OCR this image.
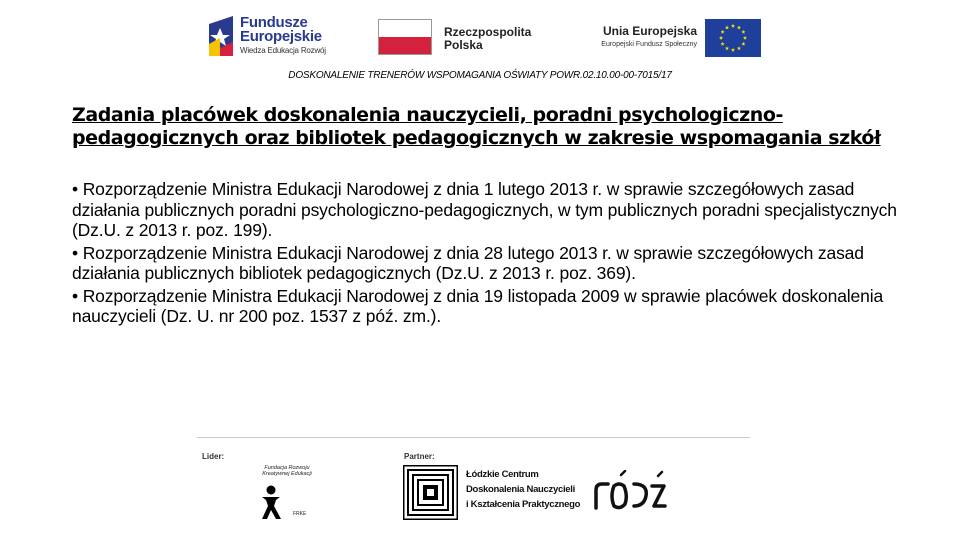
Fundusze
Europejskie
Wiedza Edukacja Rozwój
Rzeczpospolita
Polska
Unia Europejska
Europejski Fundusz Społeczny
DOSKONALENIE TRENERÓW WSPOMAGANIA OŚWIATY POWR.02.10.00-00-7015/17
Zadania placówek doskonalenia nauczycieli, poradni psychologiczno-pedagogicznych oraz bibliotek pedagogicznych w zakresie wspomagania szkół

• Rozporządzenie Ministra Edukacji Narodowej z dnia 1 lutego 2013 r. w sprawie szczegółowych zasad działania publicznych poradni psychologiczno-pedagogicznych, w tym publicznych poradni specjalistycznych (Dz.U. z 2013 r. poz. 199).

• Rozporządzenie Ministra Edukacji Narodowej z dnia 28 lutego 2013 r. w sprawie szczegółowych zasad działania publicznych bibliotek pedagogicznych (Dz.U. z 2013 r. poz. 369).

• Rozporządzenie Ministra Edukacji Narodowej z dnia 19 listopada 2009 w sprawie placówek doskonalenia nauczycieli (Dz. U. nr 200 poz. 1537 z póź. zm.).

Lider:	Partner:
Fundacja Rozwoju
Kreatywnej Edukacji
FRKE
Łódzkie Centrum
Doskonalenia Nauczycieli
i Kształcenia Praktycznego
